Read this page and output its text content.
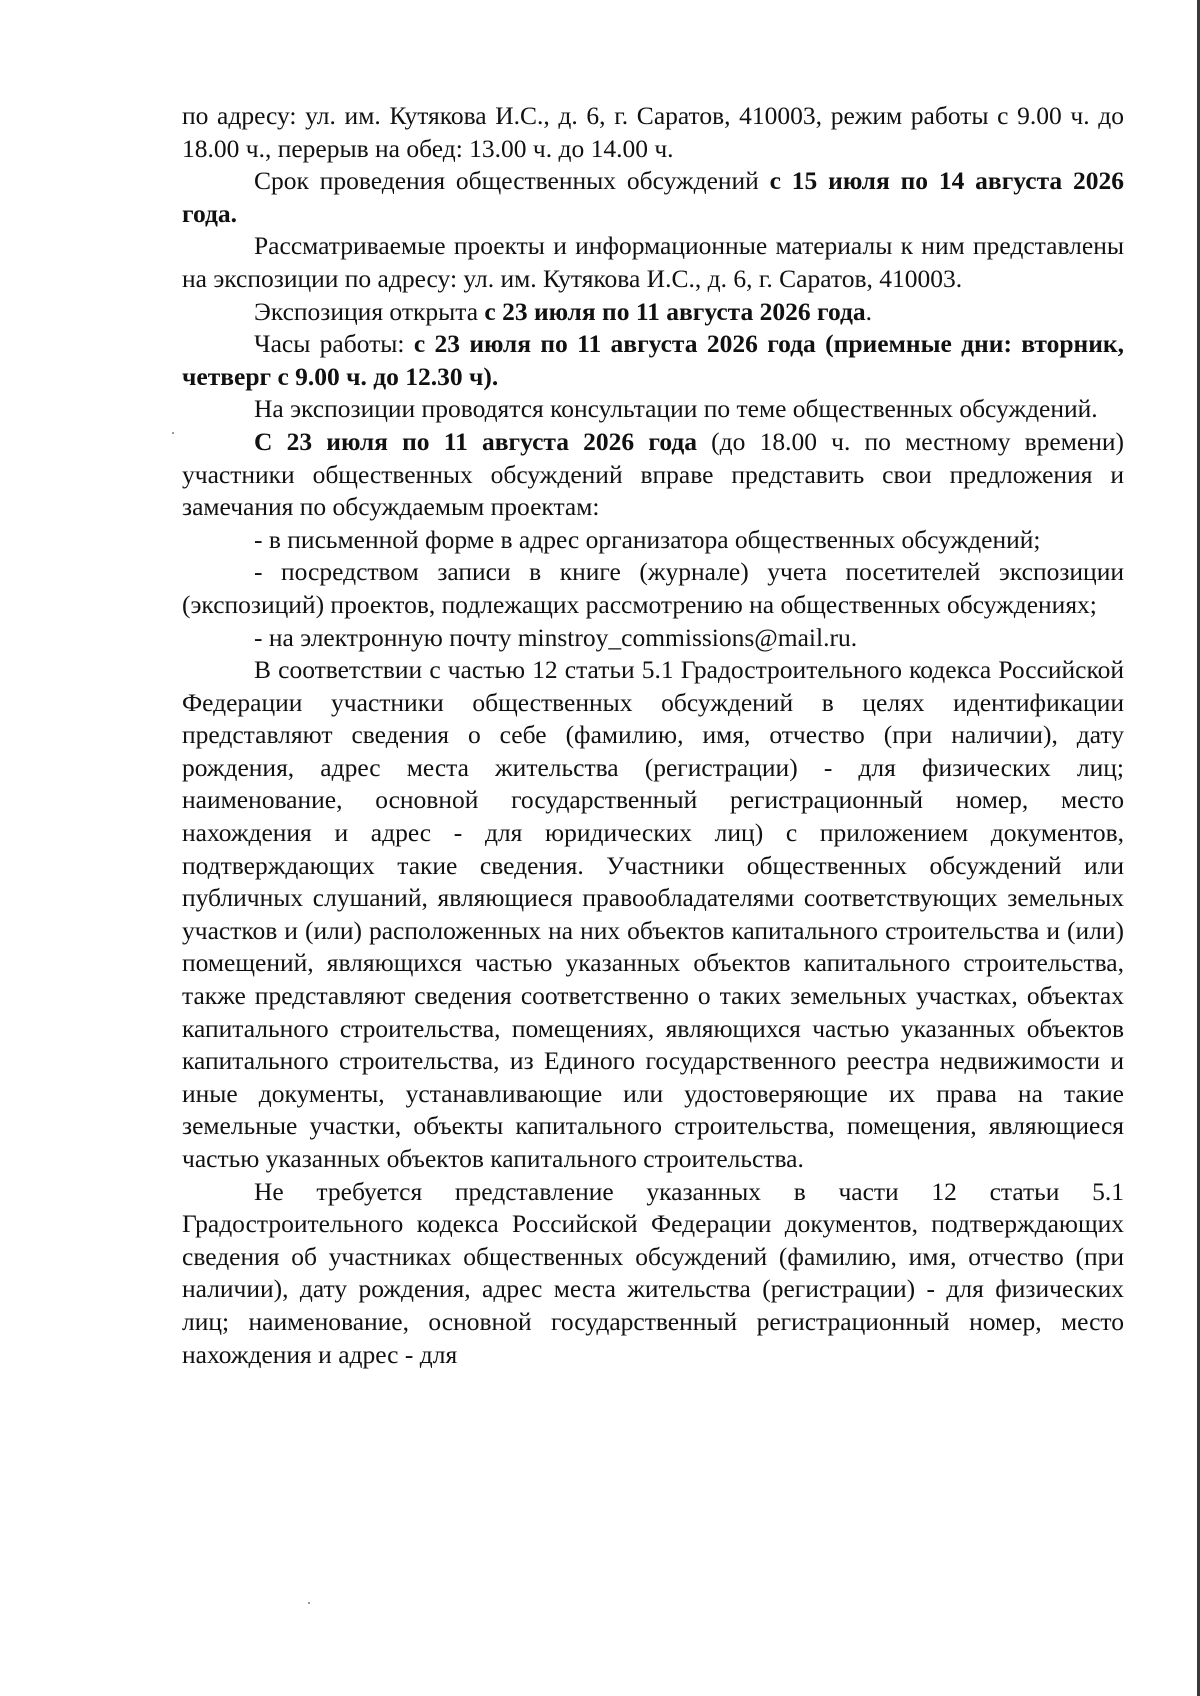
по адресу: ул. им. Кутякова И.С., д. 6, г. Саратов, 410003, режим работы с 9.00 ч. до 18.00 ч., перерыв на обед: 13.00 ч. до 14.00 ч.

Срок проведения общественных обсуждений с 15 июля по 14 августа 2026 года.

Рассматриваемые проекты и информационные материалы к ним представлены на экспозиции по адресу: ул. им. Кутякова И.С., д. 6, г. Саратов, 410003.

Экспозиция открыта с 23 июля по 11 августа 2026 года.

Часы работы: с 23 июля по 11 августа 2026 года (приемные дни: вторник, четверг с 9.00 ч. до 12.30 ч).

На экспозиции проводятся консультации по теме общественных обсуждений.

С 23 июля по 11 августа 2026 года (до 18.00 ч. по местному времени) участники общественных обсуждений вправе представить свои предложения и замечания по обсуждаемым проектам:

- в письменной форме в адрес организатора общественных обсуждений;

- посредством записи в книге (журнале) учета посетителей экспозиции (экспозиций) проектов, подлежащих рассмотрению на общественных обсуждениях;

- на электронную почту minstroy_commissions@mail.ru.

В соответствии с частью 12 статьи 5.1 Градостроительного кодекса Российской Федерации участники общественных обсуждений в целях идентификации представляют сведения о себе (фамилию, имя, отчество (при наличии), дату рождения, адрес места жительства (регистрации) - для физических лиц; наименование, основной государственный регистрационный номер, место нахождения и адрес - для юридических лиц) с приложением документов, подтверждающих такие сведения. Участники общественных обсуждений или публичных слушаний, являющиеся правообладателями соответствующих земельных участков и (или) расположенных на них объектов капитального строительства и (или) помещений, являющихся частью указанных объектов капитального строительства, также представляют сведения соответственно о таких земельных участках, объектах капитального строительства, помещениях, являющихся частью указанных объектов капитального строительства, из Единого государственного реестра недвижимости и иные документы, устанавливающие или удостоверяющие их права на такие земельные участки, объекты капитального строительства, помещения, являющиеся частью указанных объектов капитального строительства.

Не требуется представление указанных в части 12 статьи 5.1 Градостроительного кодекса Российской Федерации документов, подтверждающих сведения об участниках общественных обсуждений (фамилию, имя, отчество (при наличии), дату рождения, адрес места жительства (регистрации) - для физических лиц; наименование, основной государственный регистрационный номер, место нахождения и адрес - для
